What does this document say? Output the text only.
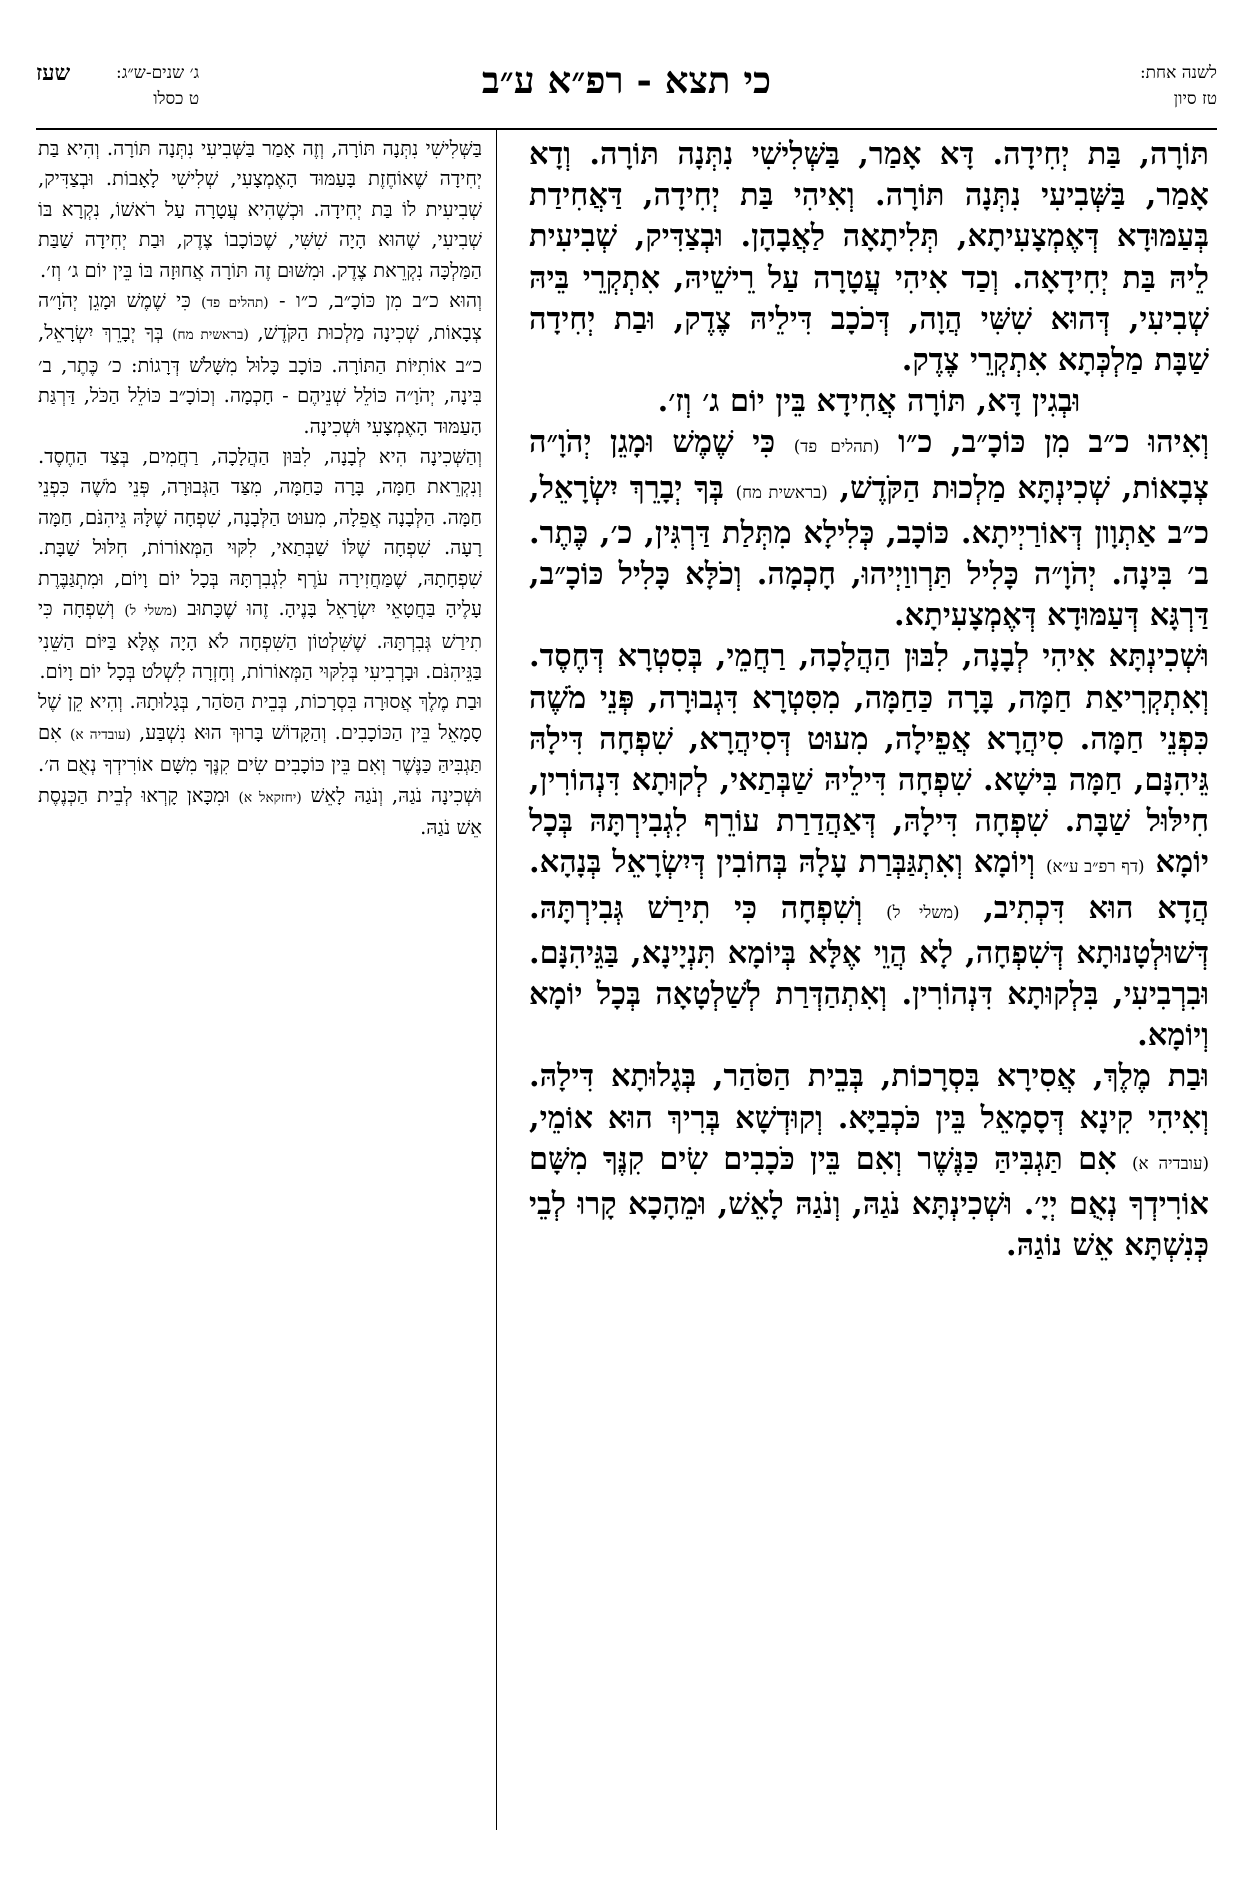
לשנה אחת:
טז סיון
כי תצא - רפ״א ע״ב
ג׳ שנים-ש״ג:
ט כסלו
שעז

תּוֹרָה, בַּת יְחִידָה. דָּא אָמַר, בַּשְּׁלִישִׁי נִתְּנָה תּוֹרָה. וְדָא אָמַר, בַּשְּׁבִיעִי נִתְּנָה תּוֹרָה. וְאִיהִי בַּת יְחִידָה, דַּאֲחִידַת בְּעַמּוּדָא דְּאֶמְצָעִיתָא, תְּלִיתָאָה לַאֲבָהָן. וּבְצַדִּיק, שְׁבִיעִית לֵיהּ בַּת יְחִידָאָה. וְכַד אִיהִי עֲטָרָה עַל רֵישֵׁיהּ, אִתְקְרֵי בֵּיהּ שְׁבִיעִי, דְּהוּא שִׁשִּׁי הֲוָה, דְּכֹכָב דִּילֵיהּ צֶדֶק, וּבַת יְחִידָה שַׁבָּת מַלְכְּתָא אִתְקְרֵי צֶדֶק.

וּבְגִין דָּא, תּוֹרָה אֲחִידָא בֵּין יוֹם ג׳ וְז׳.

וְאִיהוּ כ״ב מִן כּוֹכָ״ב, כ״ו (תהלים פד) כִּי שֶׁמֶשׁ וּמָגֵן יְהֹוָ״ה צְבָאוֹת, שְׁכִינְתָּא מַלְכוּת הַקֹּדֶשׁ, (בראשית מח) בְּךָ יְבָרֵךְ יִשְׂרָאֵל, כ״ב אַתְוָון דְּאוֹרַיְיתָא. כּוֹכָב, כְּלִילָא מִתְּלַת דַּרְגִּין, כ׳, כֶּתֶר. ב׳ בִּינָה. יְהֹוָ״ה כָּלִיל תַּרְווַיְיהוּ, חָכְמָה. וְכֹלָּא כָּלִיל כּוֹכָ״ב, דַּרְגָּא דְּעַמּוּדָא דְּאֶמְצָעִיתָא.

וּשְׁכִינְתָּא אִיהִי לְבָנָה, לִבּוּן הַהֲלָכָה, רַחֲמֵי, בְּסִטְרָא דְּחֶסֶד. וְאִתְקְרִיאַת חַמָּה, בָּרָה כַּחַמָּה, מִסִּטְרָא דִּגְבוּרָה, פְּנֵי מֹשֶׁה כִּפְנֵי חַמָּה. סִיהֲרָא אֲפֵילָה, מִעוּט דְּסִיהֲרָא, שִׁפְחָה דִּילָהּ גֵּיהִנָּם, חַמָּה בִּישָׁא. שִׁפְחָה דִּילֵיהּ שַׁבְּתַאי, לְקוּתָא דִּנְהוֹרִין, חִילּוּל שַׁבָּת. שִׁפְחָה דִּילָהּ, דְּאַהֲדַרַת עוֹרֵף לִגְבִירְתָּהּ בְּכָל יוֹמָא (דף רפ״ב ע״א) וְיוֹמָא וְאִתְגַּבְּרַת עָלָהּ בְּחוֹבִין דְּיִשְׂרָאֵל בְּנָהָא. הֲדָא הוּא דִּכְתִיב, (משלי ל) וְשִׁפְחָה כִּי תִירַשׁ גְּבִירְתָּהּ. דְּשׁוּלְטָנוּתָא דְּשִׁפְחָה, לָא הֲוֵי אֶלָּא בְּיוֹמָא תִּנְיָינָא, בַּגֵּיהִנָּם. וּבִרְבִיעִי, בִּלְקוּתָא דִּנְהוֹרִין. וְאִתְהַדְּרַת לְשַׁלְטָאָה בְּכָל יוֹמָא וְיוֹמָא.

וּבַת מֶלֶךְ, אֲסִירָא בִּסְרָכוֹת, בְּבֵית הַסֹּהַר, בְּגָלוּתָא דִּילָהּ. וְאִיהִי קִינָא דְּסָמָאֵל בֵּין כֹּכְבַיָּא. וְקוּדְשָׁא בְּרִיךְ הוּא אוֹמֵי, (עובדיה א) אִם תַּגְבִּיהַּ כַּנֶּשֶׁר וְאִם בֵּין כֹּכָבִים שִׂים קִנֶּךָ מִשָּׁם אוֹרִידְךָ נְאֻם יְיָ׳. וּשְׁכִינְתָּא נֹגַהּ, וְנֹגַהּ לָאֵשׁ, וּמֵהָכָא קָרוּ לְבֵי כְּנִשְׁתָּא אֵשׁ נוֹגַהּ.

בַּשְּׁלִישִׁי נִתְּנָה תּוֹרָה, וְזֶה אָמַר בַּשְּׁבִיעִי נִתְּנָה תּוֹרָה. וְהִיא בַּת יְחִידָה שֶׁאוֹחֶזֶת בָּעַמּוּד הָאֶמְצָעִי, שְׁלִישִׁי לָאָבוֹת. וּבְצַדִּיק, שְׁבִיעִית לוֹ בַּת יְחִידָה. וּכְשֶׁהִיא עֲטָרָה עַל רֹאשׁוֹ, נִקְרָא בּוֹ שְׁבִיעִי, שֶׁהוּא הָיָה שִׁשִּׁי, שֶׁכּוֹכָבוֹ צֶדֶק, וּבַת יְחִידָה שַׁבַּת הַמַּלְכָּה נִקְרֵאת צֶדֶק. וּמִשּׁוּם זֶה תּוֹרָה אֲחוּזָה בּוֹ בֵּין יוֹם ג׳ וְז׳.

וְהוּא כ״ב מִן כּוֹכָ״ב, כ״ו - (תהלים פד) כִּי שֶׁמֶשׁ וּמָגֵן יְהֹוָ״ה צְבָאוֹת, שְׁכִינָה מַלְכוּת הַקֹּדֶשׁ, (בראשית מח) בְּךָ יְבָרֵךְ יִשְׂרָאֵל, כ״ב אוֹתִיּוֹת הַתּוֹרָה. כּוֹכָב כָּלוּל מִשָּׁלֹשׁ דְּרָגוֹת: כ׳ כֶּתֶר, ב׳ בִּינָה, יְהֹוָ״ה כּוֹלֵל שְׁנֵיהֶם - חָכְמָה. וְכוֹכָ״ב כּוֹלֵל הַכֹּל, דַּרְגַּת הָעַמּוּד הָאֶמְצָעִי וּשְׁכִינָה.

וְהַשְּׁכִינָה הִיא לְבָנָה, לִבּוּן הַהֲלָכָה, רַחֲמִים, בְּצַד הַחֶסֶד. וְנִקְרֵאת חַמָּה, בָּרָה כַּחַמָּה, מִצַּד הַגְּבוּרָה, פְּנֵי מֹשֶׁה כִּפְנֵי חַמָּה. הַלְּבָנָה אֲפֵלָה, מִעוּט הַלְּבָנָה, שִׁפְחָה שֶׁלָּהּ גֵּיהִנֹּם, חַמָּה רָעָה. שִׁפְחָה שֶׁלּוֹ שַׁבְּתַאי, לִקּוּי הַמְּאוֹרוֹת, חִלּוּל שַׁבָּת. שִׁפְחָתָהּ, שֶׁמַּחֲזִירָה עֹרֶף לִגְבִרְתָּהּ בְּכָל יוֹם וָיוֹם, וּמִתְגַּבֶּרֶת עָלֶיהָ בַּחֲטָאֵי יִשְׂרָאֵל בָּנֶיהָ. זֶהוּ שֶׁכָּתוּב (משלי ל) וְשִׁפְחָה כִּי תִירַשׁ גְּבִרְתָּהּ. שֶׁשִּׁלְטוֹן הַשִּׁפְחָה לֹא הָיָה אֶלָּא בַּיּוֹם הַשֵּׁנִי בַּגֵּיהִנֹּם. וּבָרְבִיעִי בְּלִקּוּי הַמְּאוֹרוֹת, וְחָזְרָה לִשְׁלֹט בְּכָל יוֹם וָיוֹם.

וּבַת מֶלֶךְ אֲסוּרָה בִּסְרָכוֹת, בְּבֵית הַסֹּהַר, בְּגָלוּתָהּ. וְהִיא קֵן שֶׁל סָמָאֵל בֵּין הַכּוֹכָבִים. וְהַקָּדוֹשׁ בָּרוּךְ הוּא נִשְׁבַּע, (עובדיה א) אִם תַּגְבִּיהַּ כַּנֶּשֶׁר וְאִם בֵּין כּוֹכָבִים שִׂים קִנֶּךָ מִשָּׁם אוֹרִידְךָ נְאֻם ה׳. וּשְׁכִינָה נֹגַהּ, וְנֹגַהּ לָאֵשׁ (יחזקאל א) וּמִכָּאן קָרְאוּ לְבֵית הַכְּנֶסֶת אֵשׁ נֹגַהּ.
